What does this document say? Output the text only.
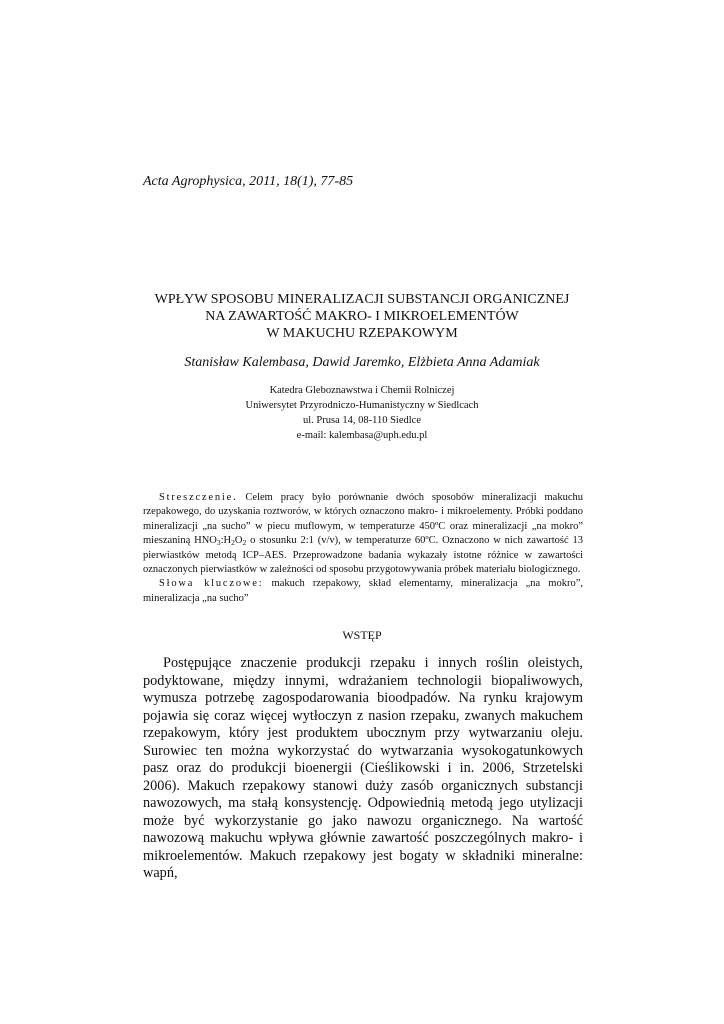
Acta Agrophysica, 2011, 18(1), 77-85
WPŁYW SPOSOBU MINERALIZACJI SUBSTANCJI ORGANICZNEJ
NA ZAWARTOŚĆ MAKRO- I MIKROELEMENTÓW
W MAKUCHU RZEPAKOWYM
Stanisław Kalembasa, Dawid Jaremko, Elżbieta Anna Adamiak
Katedra Gleboznawstwa i Chemii Rolniczej
Uniwersytet Przyrodniczo-Humanistyczny w Siedlcach
ul. Prusa 14, 08-110 Siedlce
e-mail: kalembasa@uph.edu.pl

Streszczenie. Celem pracy było porównanie dwóch sposobów mineralizacji makuchu rzepakowego, do uzyskania roztworów, w których oznaczono makro- i mikroelementy. Próbki poddano mineralizacji „na sucho” w piecu muflowym, w temperaturze 450ºC oraz mineralizacji „na mokro” mieszaniną $HNO_3:H_2O_2$ o stosunku 2:1 (v/v), w temperaturze 60ºC. Oznaczono w nich zawartość 13 pierwiastków metodą ICP–AES. Przeprowadzone badania wykazały istotne różnice w zawartości oznaczonych pierwiastków w zależności od sposobu przygotowywania próbek materiału biologicznego.

Słowa kluczowe: makuch rzepakowy, skład elementarny, mineralizacja „na mokro”, mineralizacja „na sucho”

WSTĘP

Postępujące znaczenie produkcji rzepaku i innych roślin oleistych, podyktowane, między innymi, wdrażaniem technologii biopaliwowych, wymusza potrzebę zagospodarowania bioodpadów. Na rynku krajowym pojawia się coraz więcej wytłoczyn z nasion rzepaku, zwanych makuchem rzepakowym, który jest produktem ubocznym przy wytwarzaniu oleju. Surowiec ten można wykorzystać do wytwarzania wysokogatunkowych pasz oraz do produkcji bioenergii (Cieślikowski i in. 2006, Strzetelski 2006). Makuch rzepakowy stanowi duży zasób organicznych substancji nawozowych, ma stałą konsystencję. Odpowiednią metodą jego utylizacji może być wykorzystanie go jako nawozu organicznego. Na wartość nawozową makuchu wpływa głównie zawartość poszczególnych makro- i mikroelementów. Makuch rzepakowy jest bogaty w składniki mineralne: wapń,
